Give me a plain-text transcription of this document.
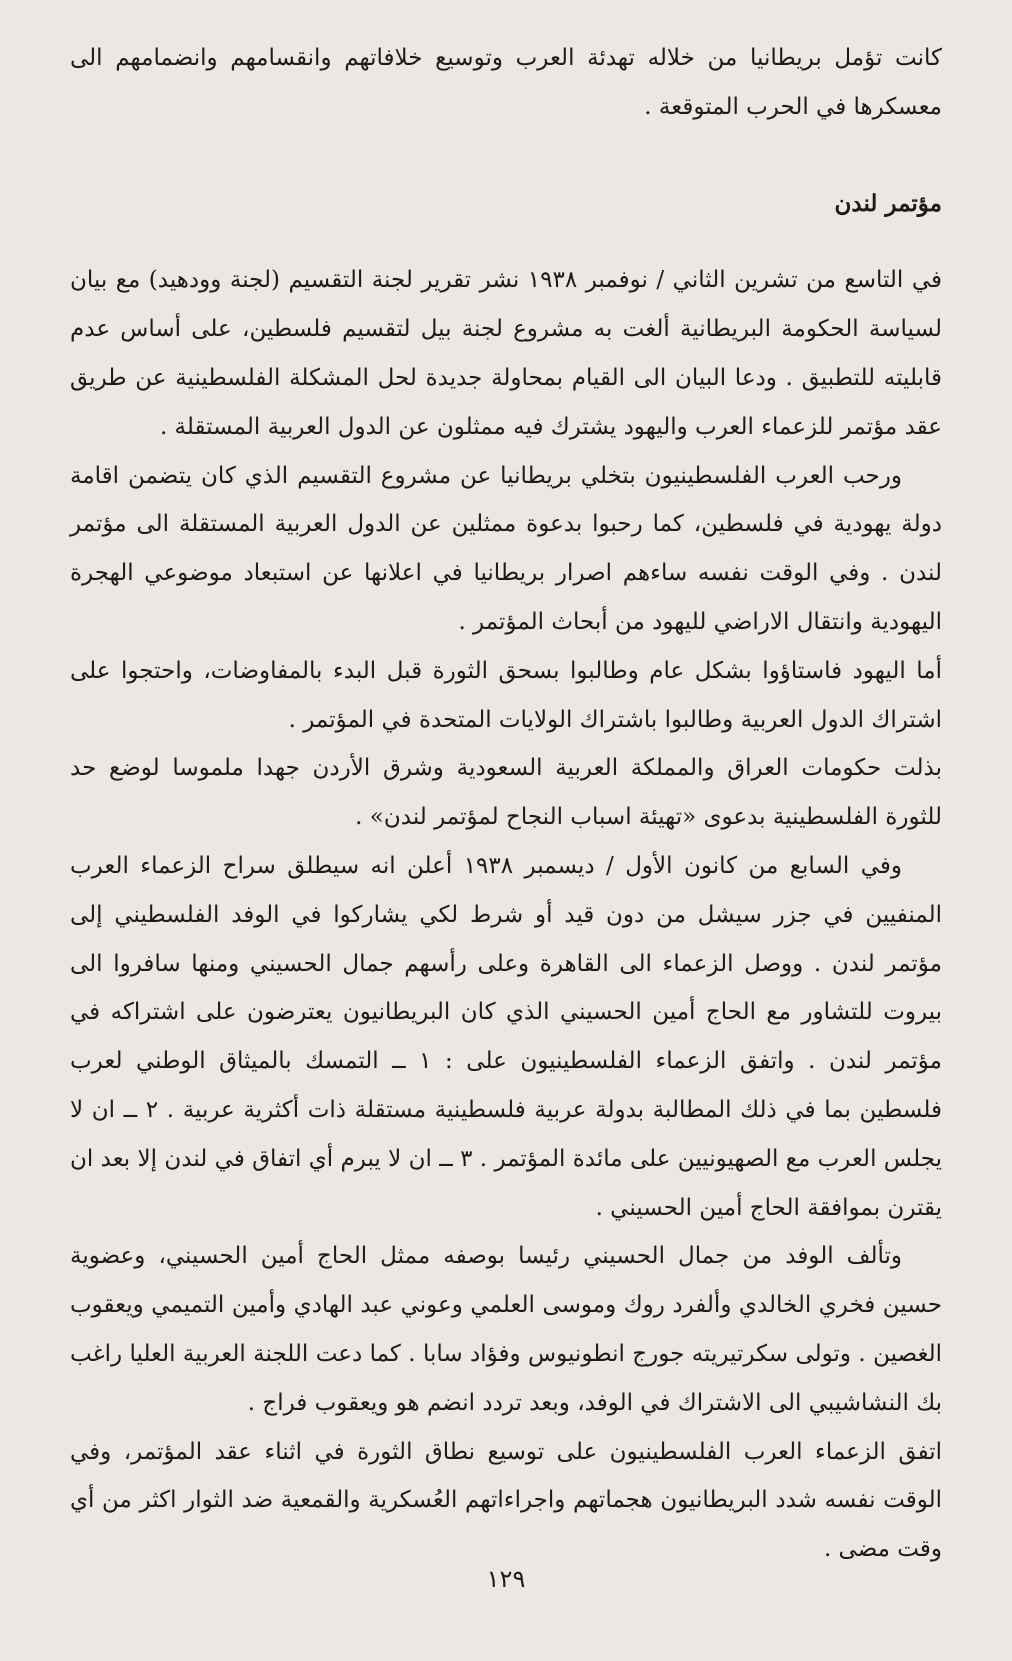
كانت تؤمل بريطانيا من خلاله تهدئة العرب وتوسيع خلافاتهم وانقسامهم وانضمامهم الى معسكرها في الحرب المتوقعة .

مؤتمر لندن

في التاسع من تشرين الثاني / نوفمبر ١٩٣٨ نشر تقرير لجنة التقسيم (لجنة وودهيد) مع بيان لسياسة الحكومة البريطانية ألغت به مشروع لجنة بيل لتقسيم فلسطين، على أساس عدم قابليته للتطبيق . ودعا البيان الى القيام بمحاولة جديدة لحل المشكلة الفلسطينية عن طريق عقد مؤتمر للزعماء العرب واليهود يشترك فيه ممثلون عن الدول العربية المستقلة .

ورحب العرب الفلسطينيون بتخلي بريطانيا عن مشروع التقسيم الذي كان يتضمن اقامة دولة يهودية في فلسطين، كما رحبوا بدعوة ممثلين عن الدول العربية المستقلة الى مؤتمر لندن . وفي الوقت نفسه ساءهم اصرار بريطانيا في اعلانها عن استبعاد موضوعي الهجرة اليهودية وانتقال الاراضي لليهود من أبحاث المؤتمر .

أما اليهود فاستاؤوا بشكل عام وطالبوا بسحق الثورة قبل البدء بالمفاوضات، واحتجوا على اشتراك الدول العربية وطالبوا باشتراك الولايات المتحدة في المؤتمر .

بذلت حكومات العراق والمملكة العربية السعودية وشرق الأردن جهدا ملموسا لوضع حد للثورة الفلسطينية بدعوى «تهيئة اسباب النجاح لمؤتمر لندن» .

وفي السابع من كانون الأول / ديسمبر ١٩٣٨ أعلن انه سيطلق سراح الزعماء العرب المنفيين في جزر سيشل من دون قيد أو شرط لكي يشاركوا في الوفد الفلسطيني إلى مؤتمر لندن . ووصل الزعماء الى القاهرة وعلى رأسهم جمال الحسيني ومنها سافروا الى بيروت للتشاور مع الحاج أمين الحسيني الذي كان البريطانيون يعترضون على اشتراكه في مؤتمر لندن . واتفق الزعماء الفلسطينيون على : ١ ــ التمسك بالميثاق الوطني لعرب فلسطين بما في ذلك المطالبة بدولة عربية فلسطينية مستقلة ذات أكثرية عربية . ٢ ــ ان لا يجلس العرب مع الصهيونيين على مائدة المؤتمر . ٣ ــ ان لا يبرم أي اتفاق في لندن إلا بعد ان يقترن بموافقة الحاج أمين الحسيني .

وتألف الوفد من جمال الحسيني رئيسا بوصفه ممثل الحاج أمين الحسيني، وعضوية حسين فخري الخالدي وألفرد روك وموسى العلمي وعوني عبد الهادي وأمين التميمي ويعقوب الغصين . وتولى سكرتيريته جورج انطونيوس وفؤاد سابا . كما دعت اللجنة العربية العليا راغب بك النشاشيبي الى الاشتراك في الوفد، وبعد تردد انضم هو ويعقوب فراج .

اتفق الزعماء العرب الفلسطينيون على توسيع نطاق الثورة في اثناء عقد المؤتمر، وفي الوقت نفسه شدد البريطانيون هجماتهم واجراءاتهم العُسكرية والقمعية ضد الثوار اكثر من أي وقت مضى .

١٢٩
